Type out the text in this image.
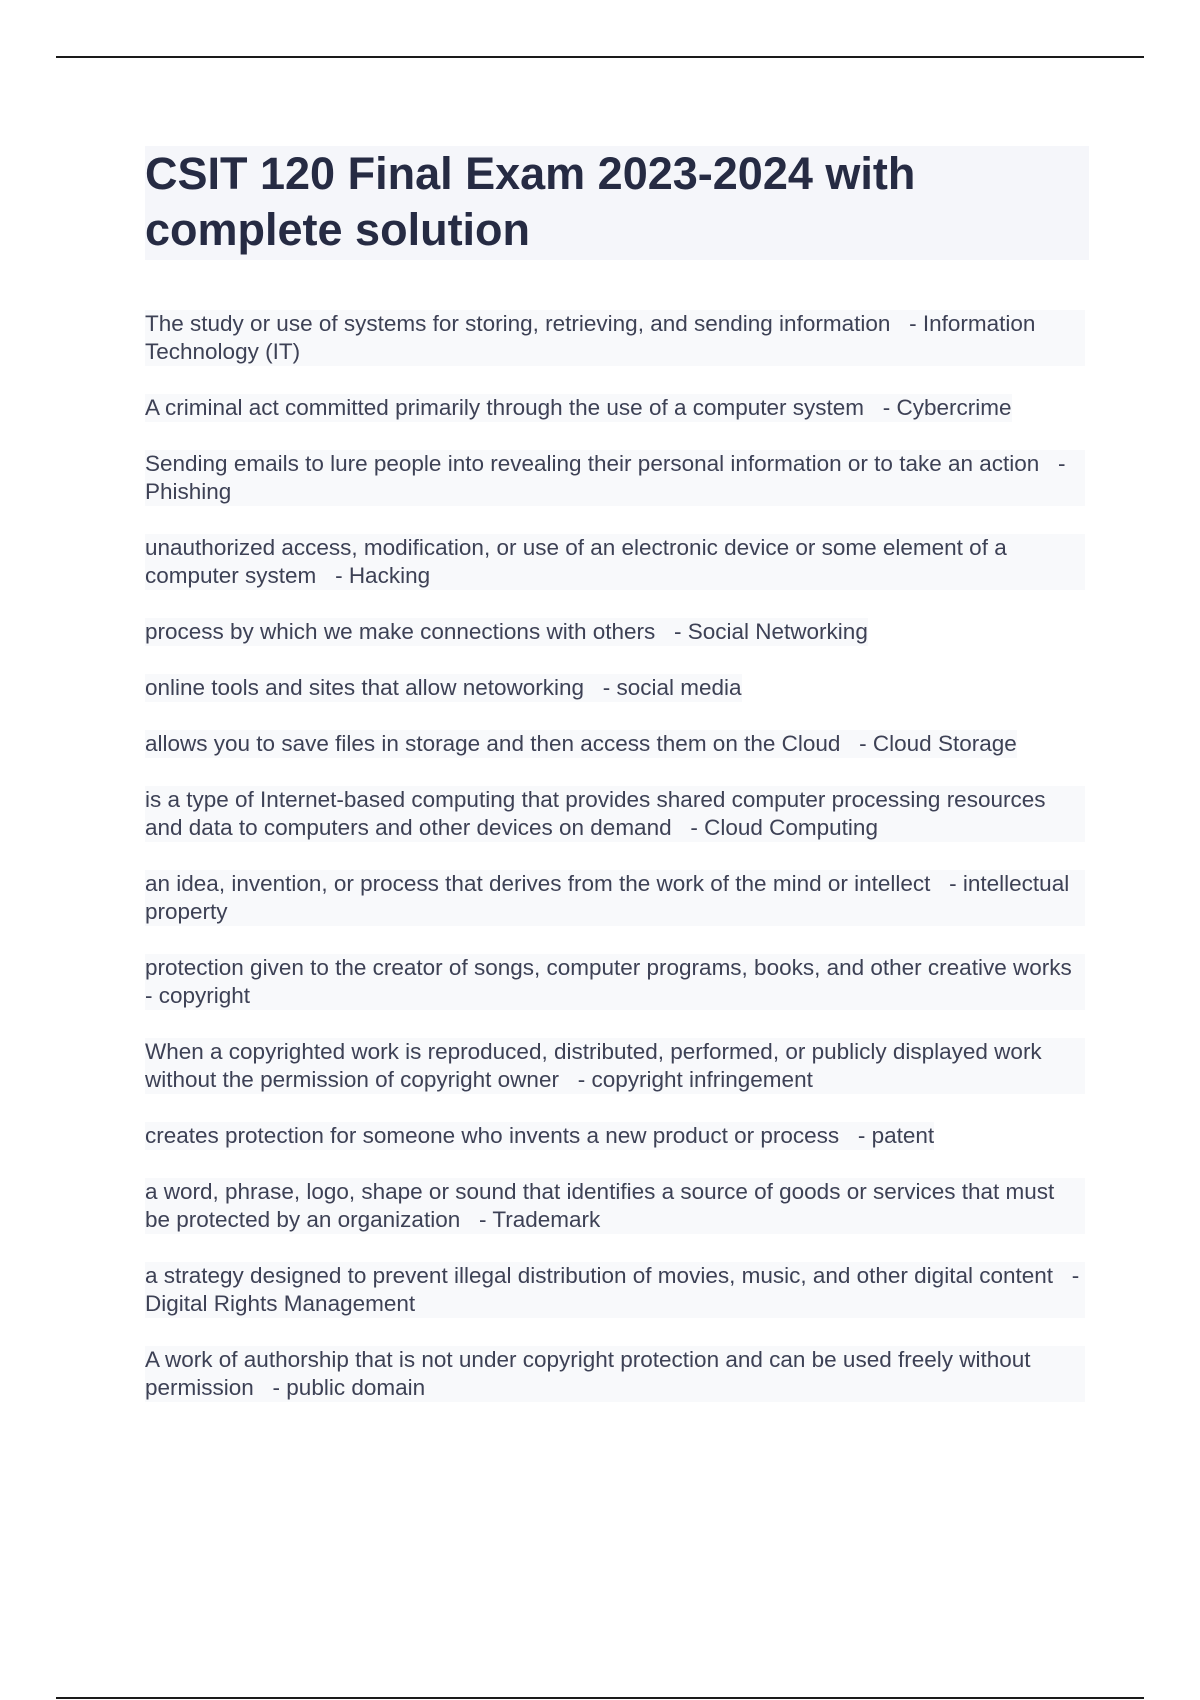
CSIT 120 Final Exam 2023-2024 with complete solution

The study or use of systems for storing, retrieving, and sending information   - Information Technology (IT)

A criminal act committed primarily through the use of a computer system   - Cybercrime

Sending emails to lure people into revealing their personal information or to take an action   - Phishing

unauthorized access, modification, or use of an electronic device or some element of a computer system   - Hacking

process by which we make connections with others   - Social Networking

online tools and sites that allow netoworking   - social media

allows you to save files in storage and then access them on the Cloud   - Cloud Storage

is a type of Internet-based computing that provides shared computer processing resources and data to computers and other devices on demand   - Cloud Computing

an idea, invention, or process that derives from the work of the mind or intellect   - intellectual property

protection given to the creator of songs, computer programs, books, and other creative works   - copyright

When a copyrighted work is reproduced, distributed, performed, or publicly displayed work without the permission of copyright owner   - copyright infringement

creates protection for someone who invents a new product or process   - patent

a word, phrase, logo, shape or sound that identifies a source of goods or services that must be protected by an organization   - Trademark

a strategy designed to prevent illegal distribution of movies, music, and other digital content   - Digital Rights Management

A work of authorship that is not under copyright protection and can be used freely without permission   - public domain
